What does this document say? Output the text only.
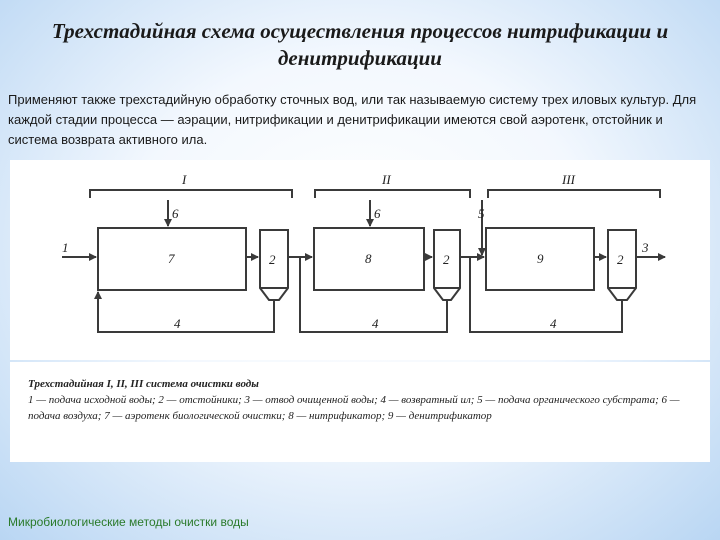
Трехстадийная схема осуществления процессов нитрификации и денитрификации
Применяют также трехстадийную обработку сточных вод, или так называемую систему трех иловых культур. Для каждой стадии процесса — аэрации, нитрификации и денитрификации имеются свой аэротенк, отстойник и система возврата активного ила.
I	II	III
1
6	6	5
7	8	9
2	2	2
3
4	4	4
Трехстадийная I, II, III система очистки воды
1 — подача исходной воды; 2 — отстойники; 3 — отвод очищенной воды; 4 — возвратный ил; 5 — подача органического субстрата; 6 — подача воздуха; 7 — аэротенк биологической очистки; 8 — нитрификатор; 9 — денитрификатор
Микробиологические методы очистки воды
